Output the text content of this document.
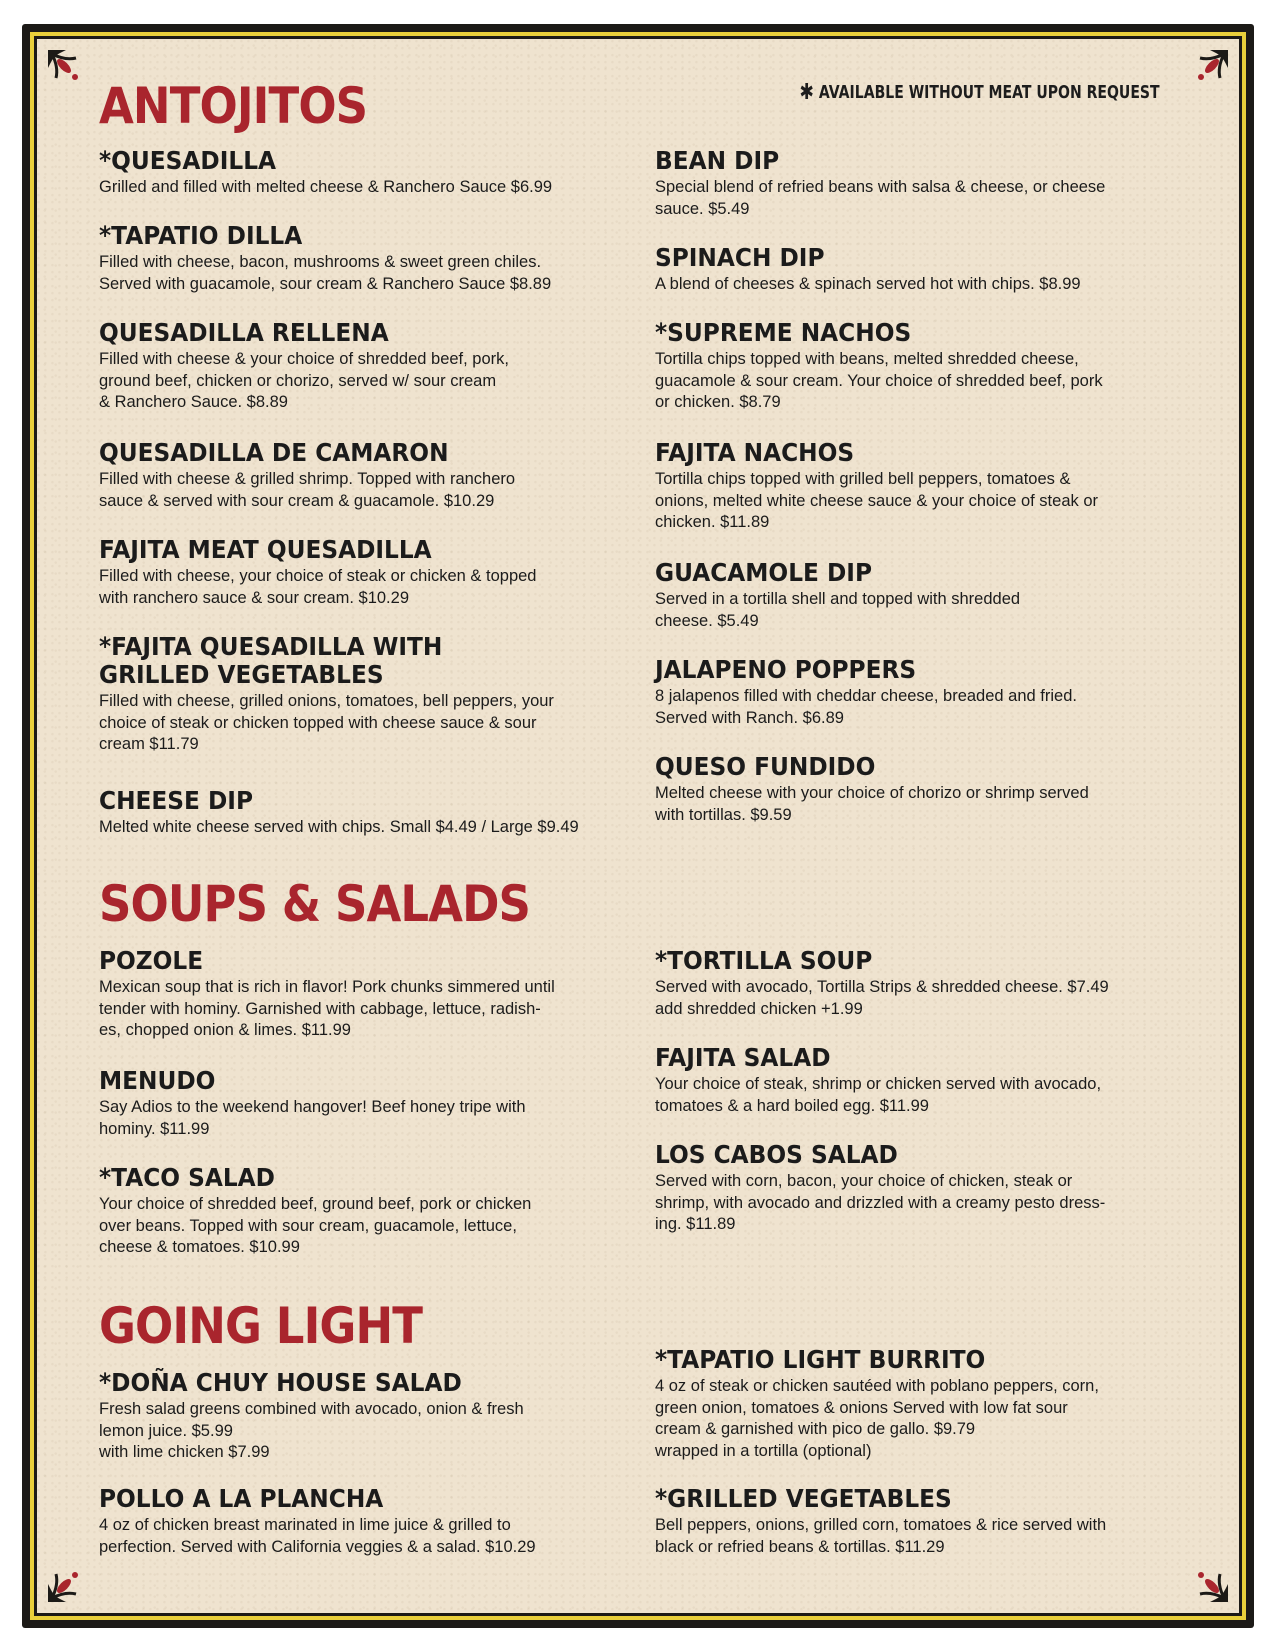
ANTOJITOS
SOUPS & SALADS
GOING LIGHT
✱ AVAILABLE WITHOUT MEAT UPON REQUEST
*QUESADILLA

Grilled and filled with melted cheese & Ranchero Sauce $6.99

*TAPATIO DILLA

Filled with cheese, bacon, mushrooms & sweet green chiles.
Served with guacamole, sour cream & Ranchero Sauce $8.89

QUESADILLA RELLENA

Filled with cheese & your choice of shredded beef, pork,
ground beef, chicken or chorizo, served w/ sour cream
& Ranchero Sauce. $8.89

QUESADILLA DE CAMARON

Filled with cheese & grilled shrimp. Topped with ranchero
sauce & served with sour cream & guacamole. $10.29

FAJITA MEAT QUESADILLA

Filled with cheese, your choice of steak or chicken & topped
with ranchero sauce & sour cream. $10.29

*FAJITA QUESADILLA WITH
GRILLED VEGETABLES

Filled with cheese, grilled onions, tomatoes, bell peppers, your
choice of steak or chicken topped with cheese sauce & sour
cream $11.79

CHEESE DIP

Melted white cheese served with chips. Small $4.49 / Large $9.49

BEAN DIP

Special blend of refried beans with salsa & cheese, or cheese
sauce. $5.49

SPINACH DIP

A blend of cheeses & spinach served hot with chips. $8.99

*SUPREME NACHOS

Tortilla chips topped with beans, melted shredded cheese,
guacamole & sour cream. Your choice of shredded beef, pork
or chicken. $8.79

FAJITA NACHOS

Tortilla chips topped with grilled bell peppers, tomatoes &
onions, melted white cheese sauce & your choice of steak or
chicken. $11.89

GUACAMOLE DIP

Served in a tortilla shell and topped with shredded
cheese. $5.49

JALAPENO POPPERS

8 jalapenos filled with cheddar cheese, breaded and fried.
Served with Ranch. $6.89

QUESO FUNDIDO

Melted cheese with your choice of chorizo or shrimp served
with tortillas. $9.59

POZOLE

Mexican soup that is rich in flavor! Pork chunks simmered until
tender with hominy. Garnished with cabbage, lettuce, radish-
es, chopped onion & limes. $11.99

MENUDO

Say Adios to the weekend hangover! Beef honey tripe with
hominy. $11.99

*TACO SALAD

Your choice of shredded beef, ground beef, pork or chicken
over beans. Topped with sour cream, guacamole, lettuce,
cheese & tomatoes. $10.99

*TORTILLA SOUP

Served with avocado, Tortilla Strips & shredded cheese. $7.49
add shredded chicken +1.99

FAJITA SALAD

Your choice of steak, shrimp or chicken served with avocado,
tomatoes & a hard boiled egg. $11.99

LOS CABOS SALAD

Served with corn, bacon, your choice of chicken, steak or
shrimp, with avocado and drizzled with a creamy pesto dress-
ing. $11.89

*DOÑA CHUY HOUSE SALAD

Fresh salad greens combined with avocado, onion & fresh
lemon juice. $5.99
with lime chicken $7.99

POLLO A LA PLANCHA

4 oz of chicken breast marinated in lime juice & grilled to
perfection. Served with California veggies & a salad. $10.29

*TAPATIO LIGHT BURRITO

4 oz of steak or chicken sautéed with poblano peppers, corn,
green onion, tomatoes & onions Served with low fat sour
cream & garnished with pico de gallo. $9.79
wrapped in a tortilla (optional)

*GRILLED VEGETABLES

Bell peppers, onions, grilled corn, tomatoes & rice served with
black or refried beans & tortillas. $11.29
